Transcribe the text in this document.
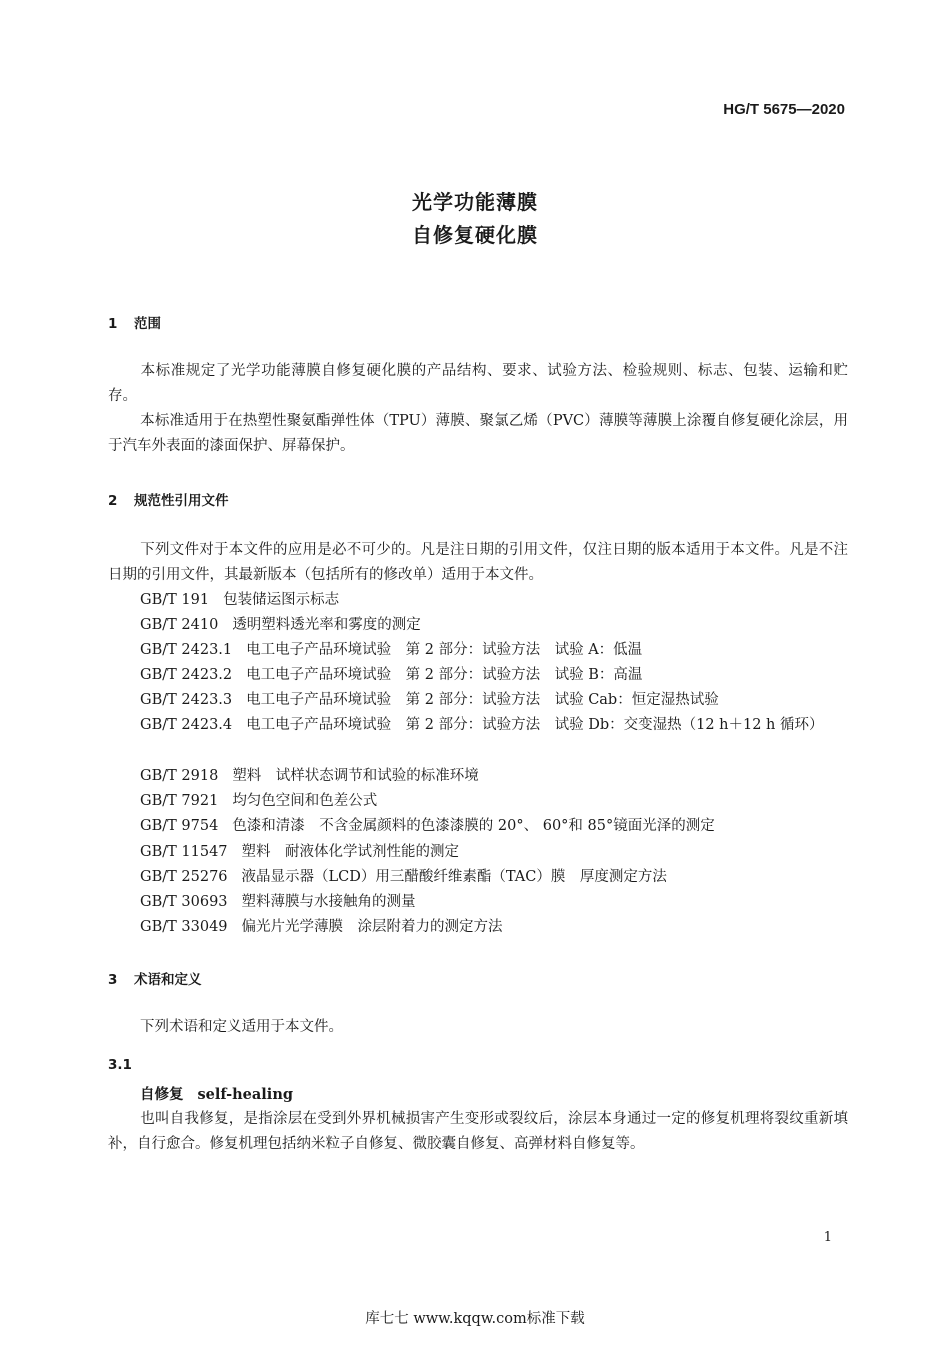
HG/T 5675—2020
光学功能薄膜
自修复硬化膜
1 范围
本标准规定了光学功能薄膜自修复硬化膜的产品结构、要求、试验方法、检验规则、标志、包装、运输和贮存。
本标准适用于在热塑性聚氨酯弹性体（TPU）薄膜、聚氯乙烯（PVC）薄膜等薄膜上涂覆自修复硬化涂层，用于汽车外表面的漆面保护、屏幕保护。
2 规范性引用文件
下列文件对于本文件的应用是必不可少的。凡是注日期的引用文件，仅注日期的版本适用于本文件。凡是不注日期的引用文件，其最新版本（包括所有的修改单）适用于本文件。
GB/T 191 包装储运图示标志
GB/T 2410 透明塑料透光率和雾度的测定
GB/T 2423.1 电工电子产品环境试验　第 2 部分：试验方法　试验 A：低温
GB/T 2423.2 电工电子产品环境试验　第 2 部分：试验方法　试验 B：高温
GB/T 2423.3 电工电子产品环境试验　第 2 部分：试验方法　试验 Cab：恒定湿热试验
GB/T 2423.4 电工电子产品环境试验　第 2 部分：试验方法　试验 Db：交变湿热（12 h＋12 h 循环）
GB/T 2918 塑料　试样状态调节和试验的标准环境
GB/T 7921 均匀色空间和色差公式
GB/T 9754 色漆和清漆　不含金属颜料的色漆漆膜的 20°、 60°和 85°镜面光泽的测定
GB/T 11547 塑料　耐液体化学试剂性能的测定
GB/T 25276 液晶显示器（LCD）用三醋酸纤维素酯（TAC）膜　厚度测定方法
GB/T 30693 塑料薄膜与水接触角的测量
GB/T 33049 偏光片光学薄膜　涂层附着力的测定方法
3 术语和定义
下列术语和定义适用于本文件。
3.1
自修复 self-healing
也叫自我修复，是指涂层在受到外界机械损害产生变形或裂纹后，涂层本身通过一定的修复机理将裂纹重新填补，自行愈合。修复机理包括纳米粒子自修复、微胶囊自修复、高弹材料自修复等。
1
库七七 www.kqqw.com标准下载
